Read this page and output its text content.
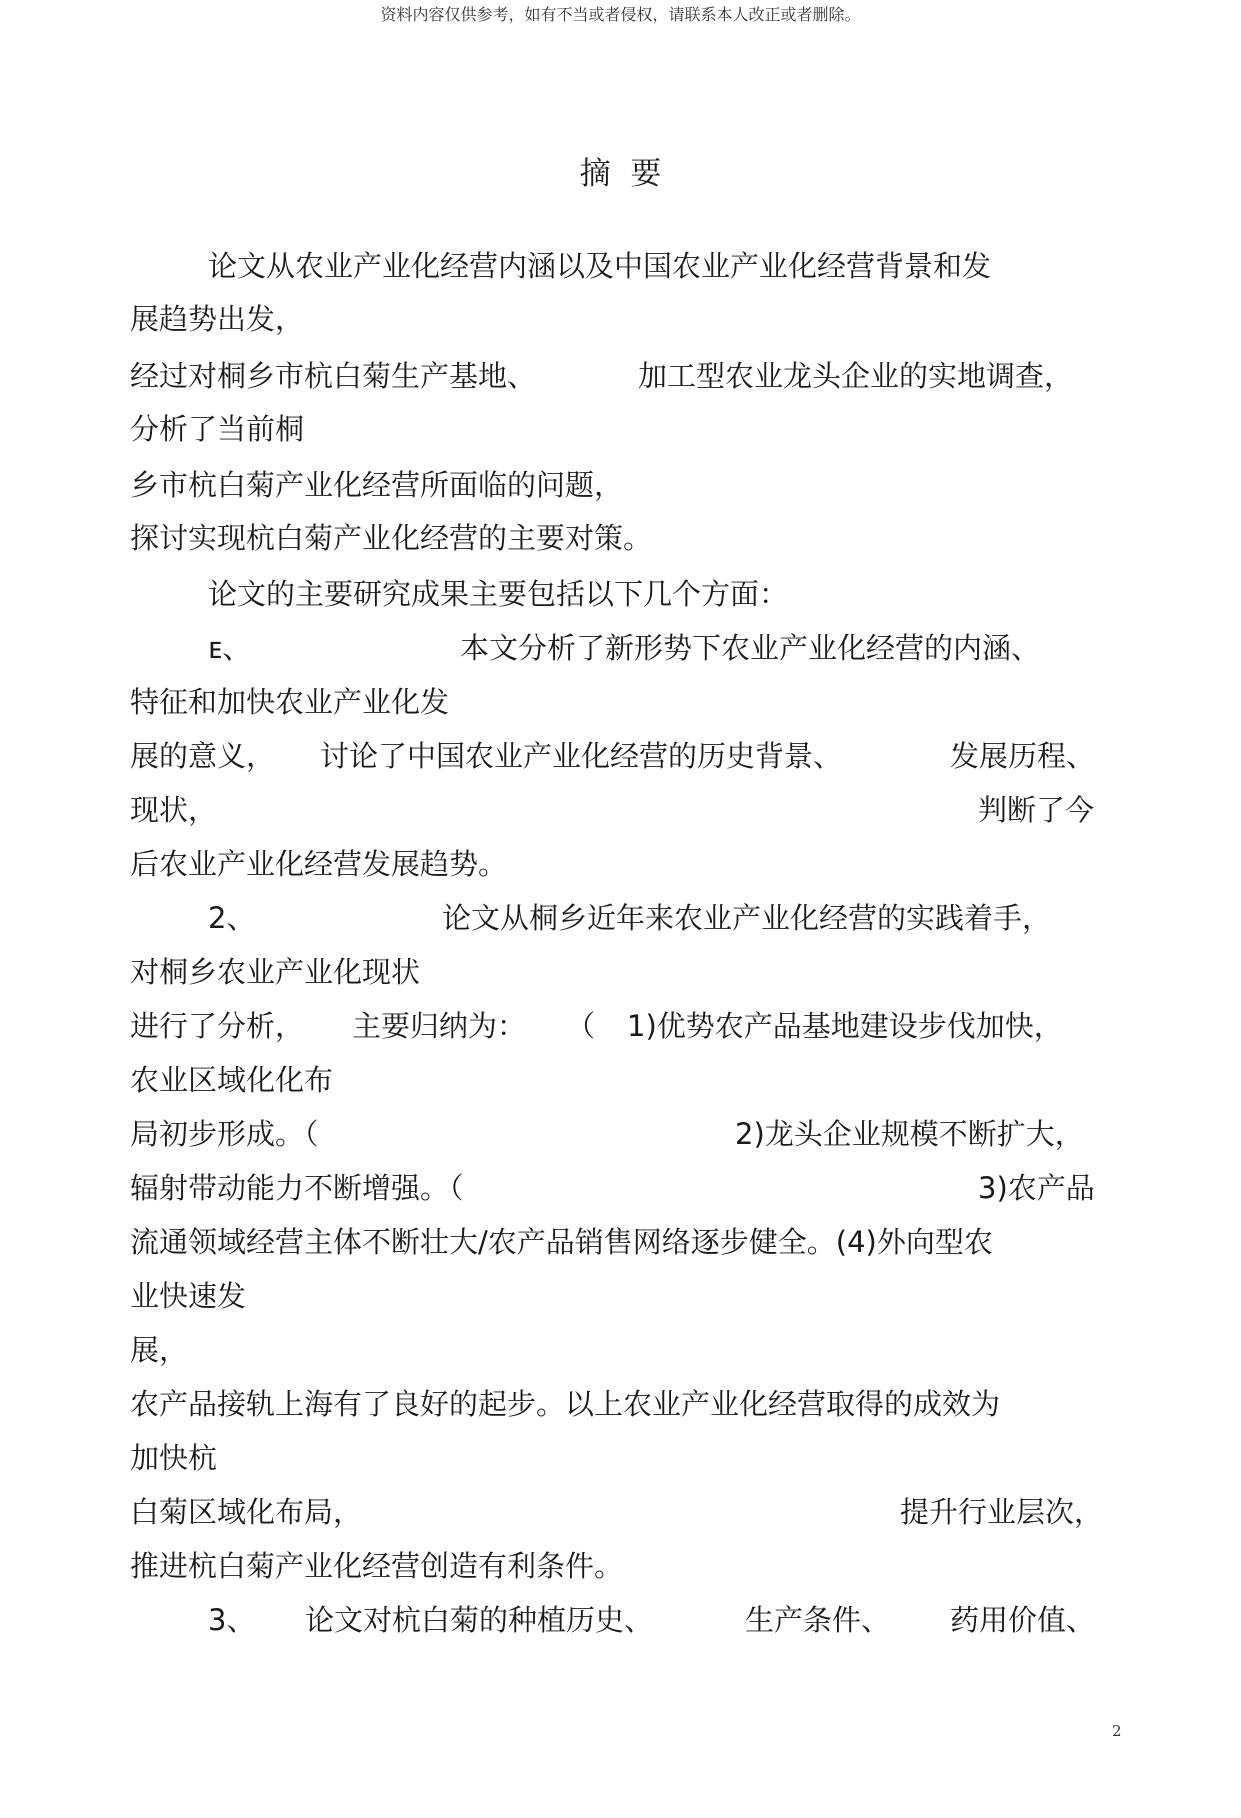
资料内容仅供参考，如有不当或者侵权，请联系本人改正或者删除。
摘  要

论文从农业产业化经营内涵以及中国农业产业化经营背景和发

展趋势出发，

经过对桐乡市杭白菊生产基地、

	加工型农业龙头企业的实地调查，

分析了当前桐

乡市杭白菊产业化经营所面临的问题，

探讨实现杭白菊产业化经营的主要对策。

论文的主要研究成果主要包括以下几个方面：

ᴇ、

	本文分析了新形势下农业产业化经营的内涵、

特征和加快农业产业化发

展的意义，

讨论了中国农业产业化经营的历史背景、

	发展历程、

现状，

	判断了今

后农业产业化经营发展趋势。

2、

	论文从桐乡近年来农业产业化经营的实践着手，

对桐乡农业产业化现状

进行了分析，

主要归纳为：

（

1)优势农产品基地建设步伐加快，

农业区域化化布

局初步形成。（

	2)龙头企业规模不断扩大，

辐射带动能力不断增强。（

	3)农产品

流通领域经营主体不断壮大/农产品销售网络逐步健全。(4)外向型农

业快速发

展，

农产品接轨上海有了良好的起步。以上农业产业化经营取得的成效为

加快杭

白菊区域化布局，

	提升行业层次，

推进杭白菊产业化经营创造有利条件。

3、

论文对杭白菊的种植历史、

	生产条件、

药用价值、

2
